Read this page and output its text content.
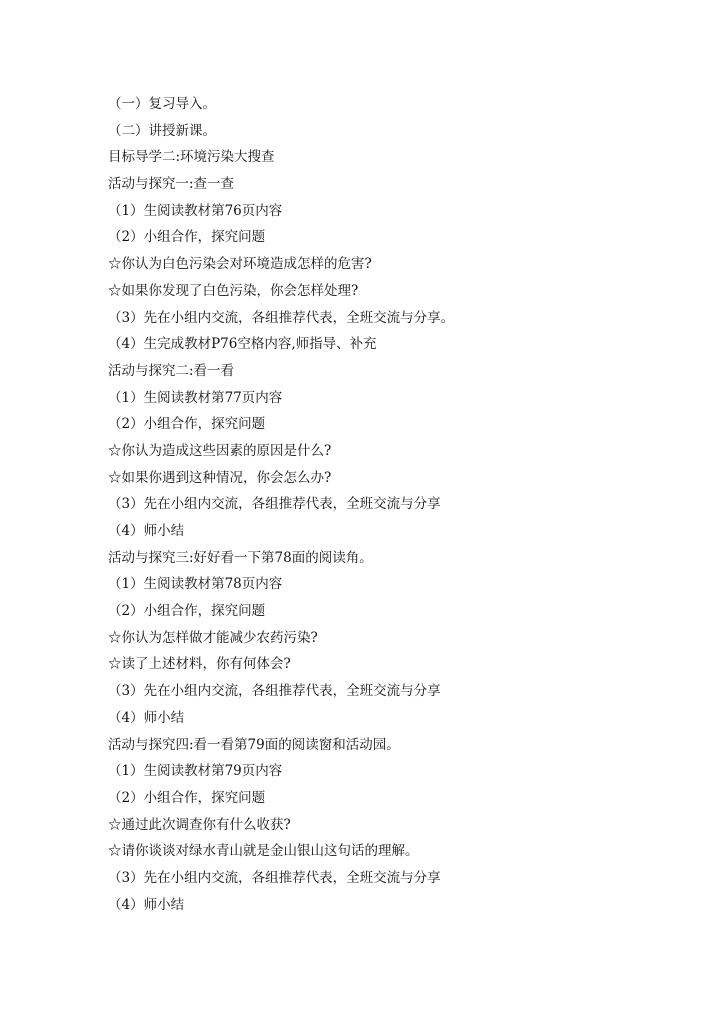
（一）复习导入。
（二）讲授新课。
目标导学二:环境污染大搜查
活动与探究一:查一查
（1）生阅读教材第76页内容
（2）小组合作，探究问题
☆你认为白色污染会对环境造成怎样的危害?
☆如果你发现了白色污染，你会怎样处理?
（3）先在小组内交流，各组推荐代表，全班交流与分享。
（4）生完成教材P76空格内容,师指导、补充
活动与探究二:看一看
（1）生阅读教材第77页内容
（2）小组合作，探究问题
☆你认为造成这些因素的原因是什么?
☆如果你遇到这种情况，你会怎么办?
（3）先在小组内交流，各组推荐代表，全班交流与分享
（4）师小结
活动与探究三:好好看一下第78面的阅读角。
（1）生阅读教材第78页内容
（2）小组合作，探究问题
☆你认为怎样做才能减少农药污染?
☆读了上述材料，你有何体会?
（3）先在小组内交流，各组推荐代表，全班交流与分享
（4）师小结
活动与探究四:看一看第79面的阅读窗和活动园。
（1）生阅读教材第79页内容
（2）小组合作，探究问题
☆通过此次调查你有什么收获?
☆请你谈谈对绿水青山就是金山银山这句话的理解。
（3）先在小组内交流，各组推荐代表，全班交流与分享
（4）师小结
